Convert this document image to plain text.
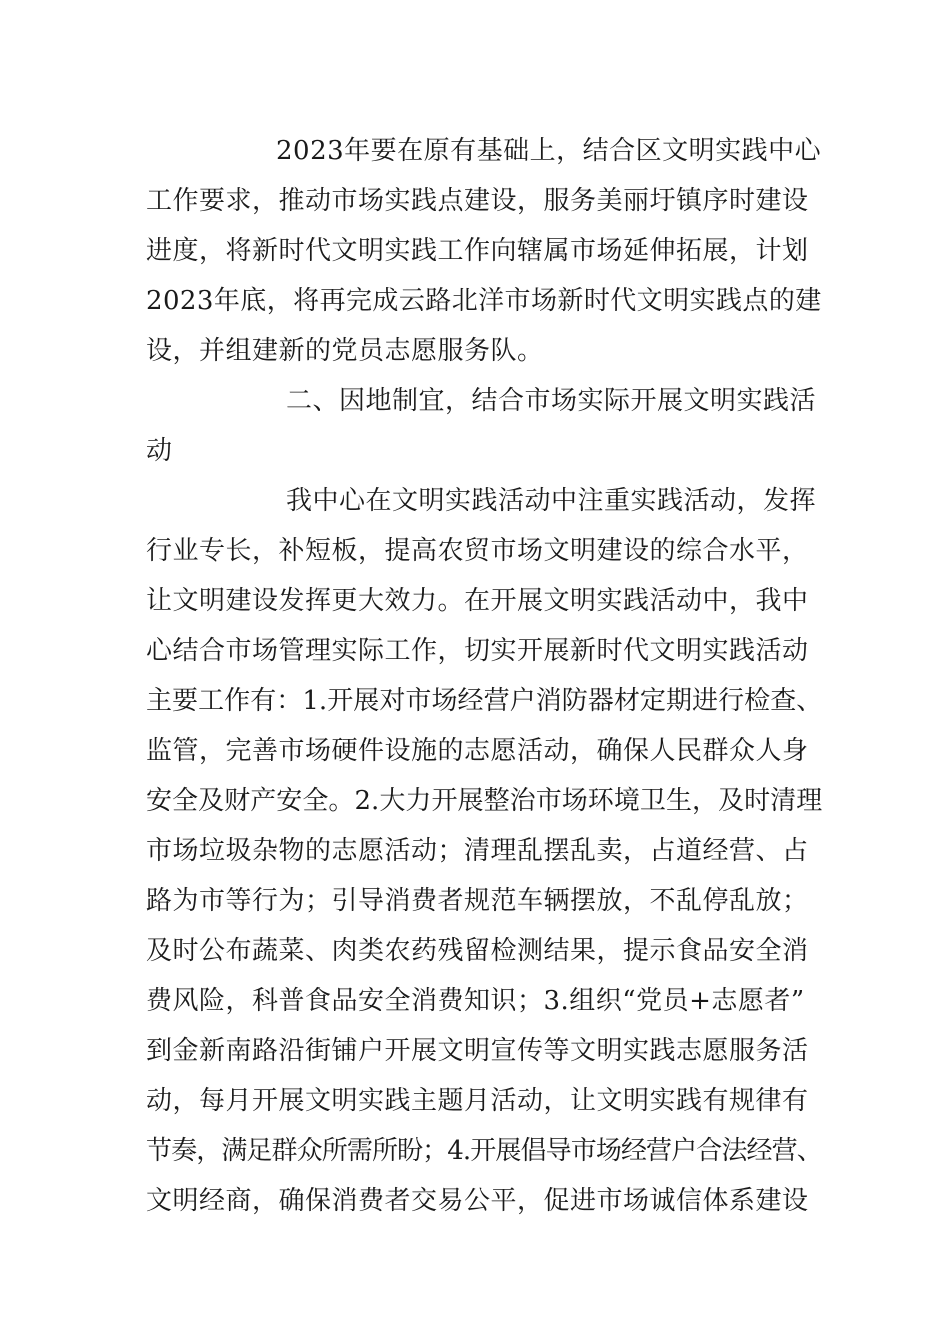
2023年要在原有基础上，结合区文明实践中心
工作要求，推动市场实践点建设，服务美丽圩镇序时建设
进度，将新时代文明实践工作向辖属市场延伸拓展，计划
2023年底，将再完成云路北洋市场新时代文明实践点的建
设，并组建新的党员志愿服务队。
二、因地制宜，结合市场实际开展文明实践活
动
我中心在文明实践活动中注重实践活动，发挥
行业专长，补短板，提高农贸市场文明建设的综合水平，
让文明建设发挥更大效力。在开展文明实践活动中，我中
心结合市场管理实际工作，切实开展新时代文明实践活动
主要工作有：1.开展对市场经营户消防器材定期进行检查、
监管，完善市场硬件设施的志愿活动，确保人民群众人身
安全及财产安全。2.大力开展整治市场环境卫生，及时清理
市场垃圾杂物的志愿活动；清理乱摆乱卖，占道经营、占
路为市等行为；引导消费者规范车辆摆放，不乱停乱放；
及时公布蔬菜、肉类农药残留检测结果，提示食品安全消
费风险，科普食品安全消费知识；3.组织“党员+志愿者”
到金新南路沿街铺户开展文明宣传等文明实践志愿服务活
动，每月开展文明实践主题月活动，让文明实践有规律有
节奏，满足群众所需所盼；4.开展倡导市场经营户合法经营、
文明经商，确保消费者交易公平，促进市场诚信体系建设
